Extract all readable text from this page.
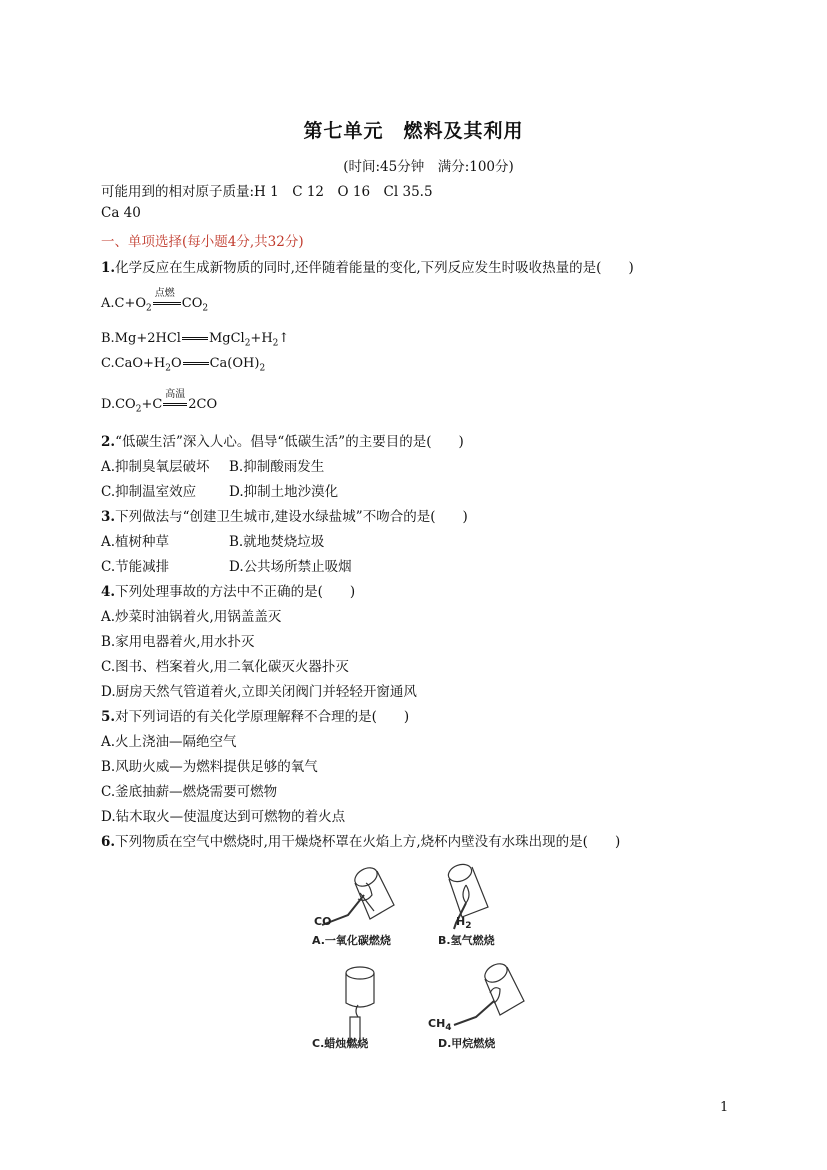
第七单元　燃料及其利用
(时间:45分钟　满分:100分)
可能用到的相对原子质量:H 1　C 12　O 16　Cl 35.5
Ca 40
一、单项选择(每小题4分,共32分)
1.化学反应在生成新物质的同时,还伴随着能量的变化,下列反应发生时吸收热量的是(　　)
$A.C+O_2$
点燃
$CO_2$
B.Mg+2HCl $MgCl_2+H_2↑$
$C.CaO+H_2O$ $Ca(OH)_2$
$D.CO_2+C$
高温
2CO
2.“低碳生活”深入人心。倡导“低碳生活”的主要目的是(　　)
A.抑制臭氧层破坏 B.抑制酸雨发生
C.抑制温室效应 D.抑制土地沙漠化
3.下列做法与“创建卫生城市,建设水绿盐城”不吻合的是(　　)
A.植树种草	B.就地焚烧垃圾
C.节能减排	D.公共场所禁止吸烟
4.下列处理事故的方法中不正确的是(　　)
A.炒菜时油锅着火,用锅盖盖灭
B.家用电器着火,用水扑灭
C.图书、档案着火,用二氧化碳灭火器扑灭
D.厨房天然气管道着火,立即关闭阀门并轻轻开窗通风
5.对下列词语的有关化学原理解释不合理的是(　　)
A.火上浇油—隔绝空气
B.风助火威—为燃料提供足够的氧气
C.釜底抽薪—燃烧需要可燃物
D.钻木取火—使温度达到可燃物的着火点
6.下列物质在空气中燃烧时,用干燥烧杯罩在火焰上方,烧杯内壁没有水珠出现的是(　　)
CO
A.一氧化碳燃烧
$H_2$
B.氢气燃烧
C.蜡烛燃烧
$CH_4$
D.甲烷燃烧
1
